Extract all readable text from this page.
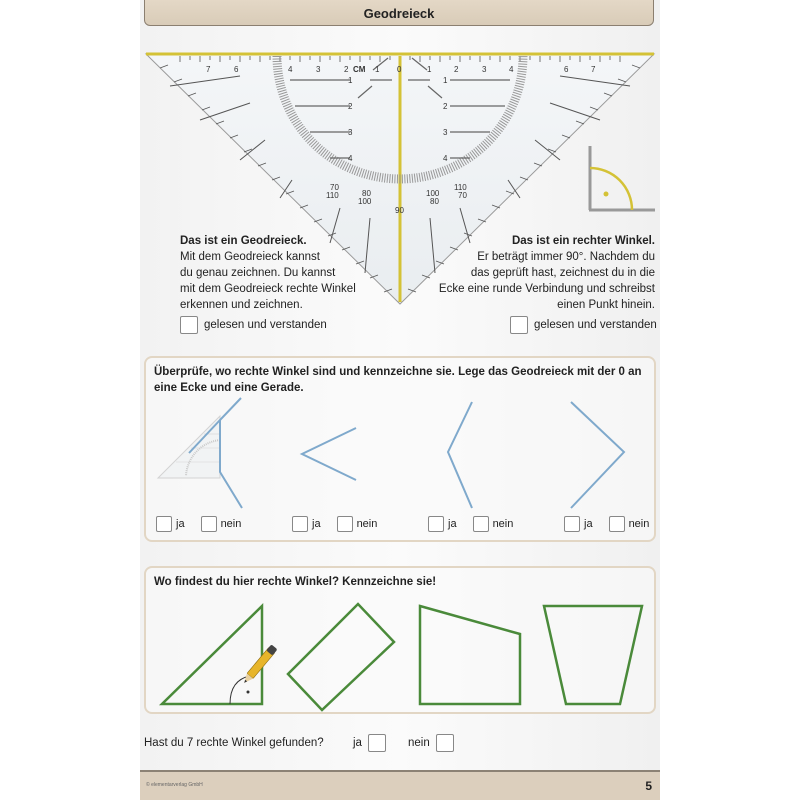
Geodreieck
7	6	4	3	2 CM 1 0	1	2	3	4	6	7
1
2
3
4
1
2
3
4
90
80
100
70
110	100
80
110
70
Das ist ein Geodreieck.
Mit dem Geodreieck kannst
du genau zeichnen. Du kannst
mit dem Geodreieck rechte Winkel
erkennen und zeichnen.
gelesen und verstanden
Das ist ein rechter Winkel.
Er beträgt immer 90°. Nachdem du
das geprüft hast, zeichnest du in die
Ecke eine runde Verbindung und schreibst
einen Punkt hinein.
gelesen und verstanden
Überprüfe, wo rechte Winkel sind und kennzeichne sie. Lege das Geodreieck mit der 0 an eine Ecke und eine Gerade.
ja	nein	ja	nein	ja	nein	ja	nein
Wo findest du hier rechte Winkel? Kennzeichne sie!
Hast du 7 rechte Winkel gefunden?	ja	nein
© elementarverlag GmbH	5
